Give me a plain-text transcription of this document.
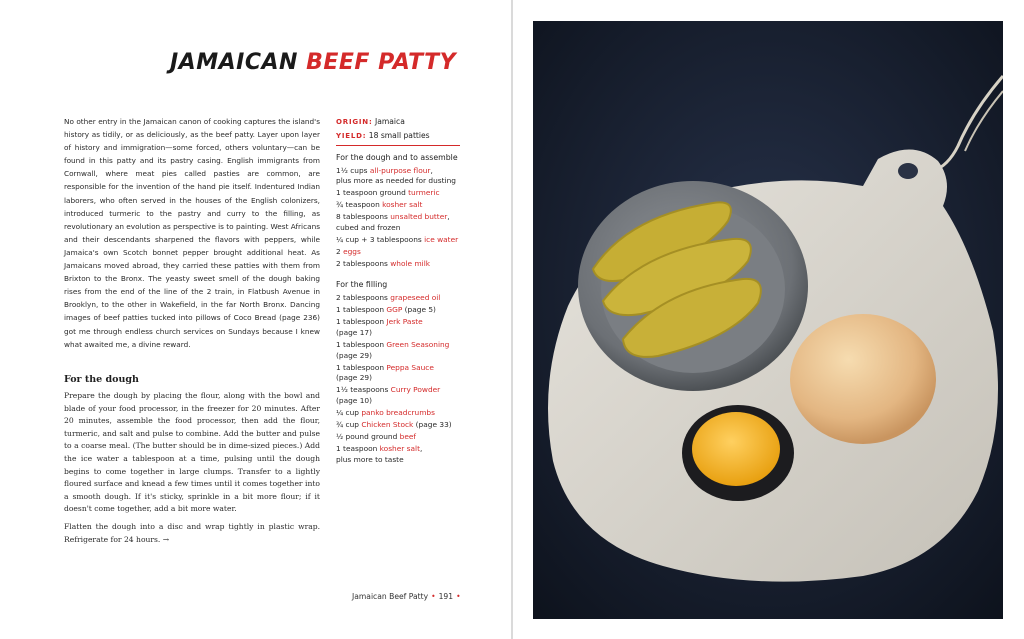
JAMAICAN BEEF PATTY
No other entry in the Jamaican canon of cooking captures the island's history as tidily, or as deliciously, as the beef patty. Layer upon layer of history and immigration—some forced, others voluntary—can be found in this patty and its pastry casing. English immigrants from Cornwall, where meat pies called pasties are common, are responsible for the invention of the hand pie itself. Indentured Indian laborers, who often served in the houses of the English colonizers, introduced turmeric to the pastry and curry to the filling, as revolutionary an evolution as perspective is to painting. West Africans and their descendants sharpened the flavors with peppers, while Jamaica's own Scotch bonnet pepper brought additional heat. As Jamaicans moved abroad, they carried these patties with them from Brixton to the Bronx. The yeasty sweet smell of the dough baking rises from the end of the line of the 2 train, in Flatbush Avenue in Brooklyn, to the other in Wakefield, in the far North Bronx. Dancing images of beef patties tucked into pillows of Coco Bread (page 236) got me through endless church services on Sundays because I knew what awaited me, a divine reward.
For the dough

Prepare the dough by placing the flour, along with the bowl and blade of your food processor, in the freezer for 20 minutes. After 20 minutes, assemble the food processor, then add the flour, turmeric, and salt and pulse to combine. Add the butter and pulse to a coarse meal. (The butter should be in dime-sized pieces.) Add the ice water a tablespoon at a time, pulsing until the dough begins to come together in large clumps. Transfer to a lightly floured surface and knead a few times until it comes together into a smooth dough. If it's sticky, sprinkle in a bit more flour; if it doesn't come together, add a bit more water.

Flatten the dough into a disc and wrap tightly in plastic wrap. Refrigerate for 24 hours. →

ORIGIN: Jamaica
YIELD: 18 small patties
For the dough and to assemble
1½ cups all-purpose flour,
plus more as needed for dusting
1 teaspoon ground turmeric
¾ teaspoon kosher salt
8 tablespoons unsalted butter,
cubed and frozen
¼ cup + 3 tablespoons ice water
2 eggs
2 tablespoons whole milk
For the filling
2 tablespoons grapeseed oil
1 tablespoon GGP (page 5)
1 tablespoon Jerk Paste
(page 17)
1 tablespoon Green Seasoning
(page 29)
1 tablespoon Peppa Sauce
(page 29)
1½ teaspoons Curry Powder
(page 10)
¼ cup panko breadcrumbs
¾ cup Chicken Stock (page 33)
½ pound ground beef
1 teaspoon kosher salt,
plus more to taste
Jamaican Beef Patty • 191 •
